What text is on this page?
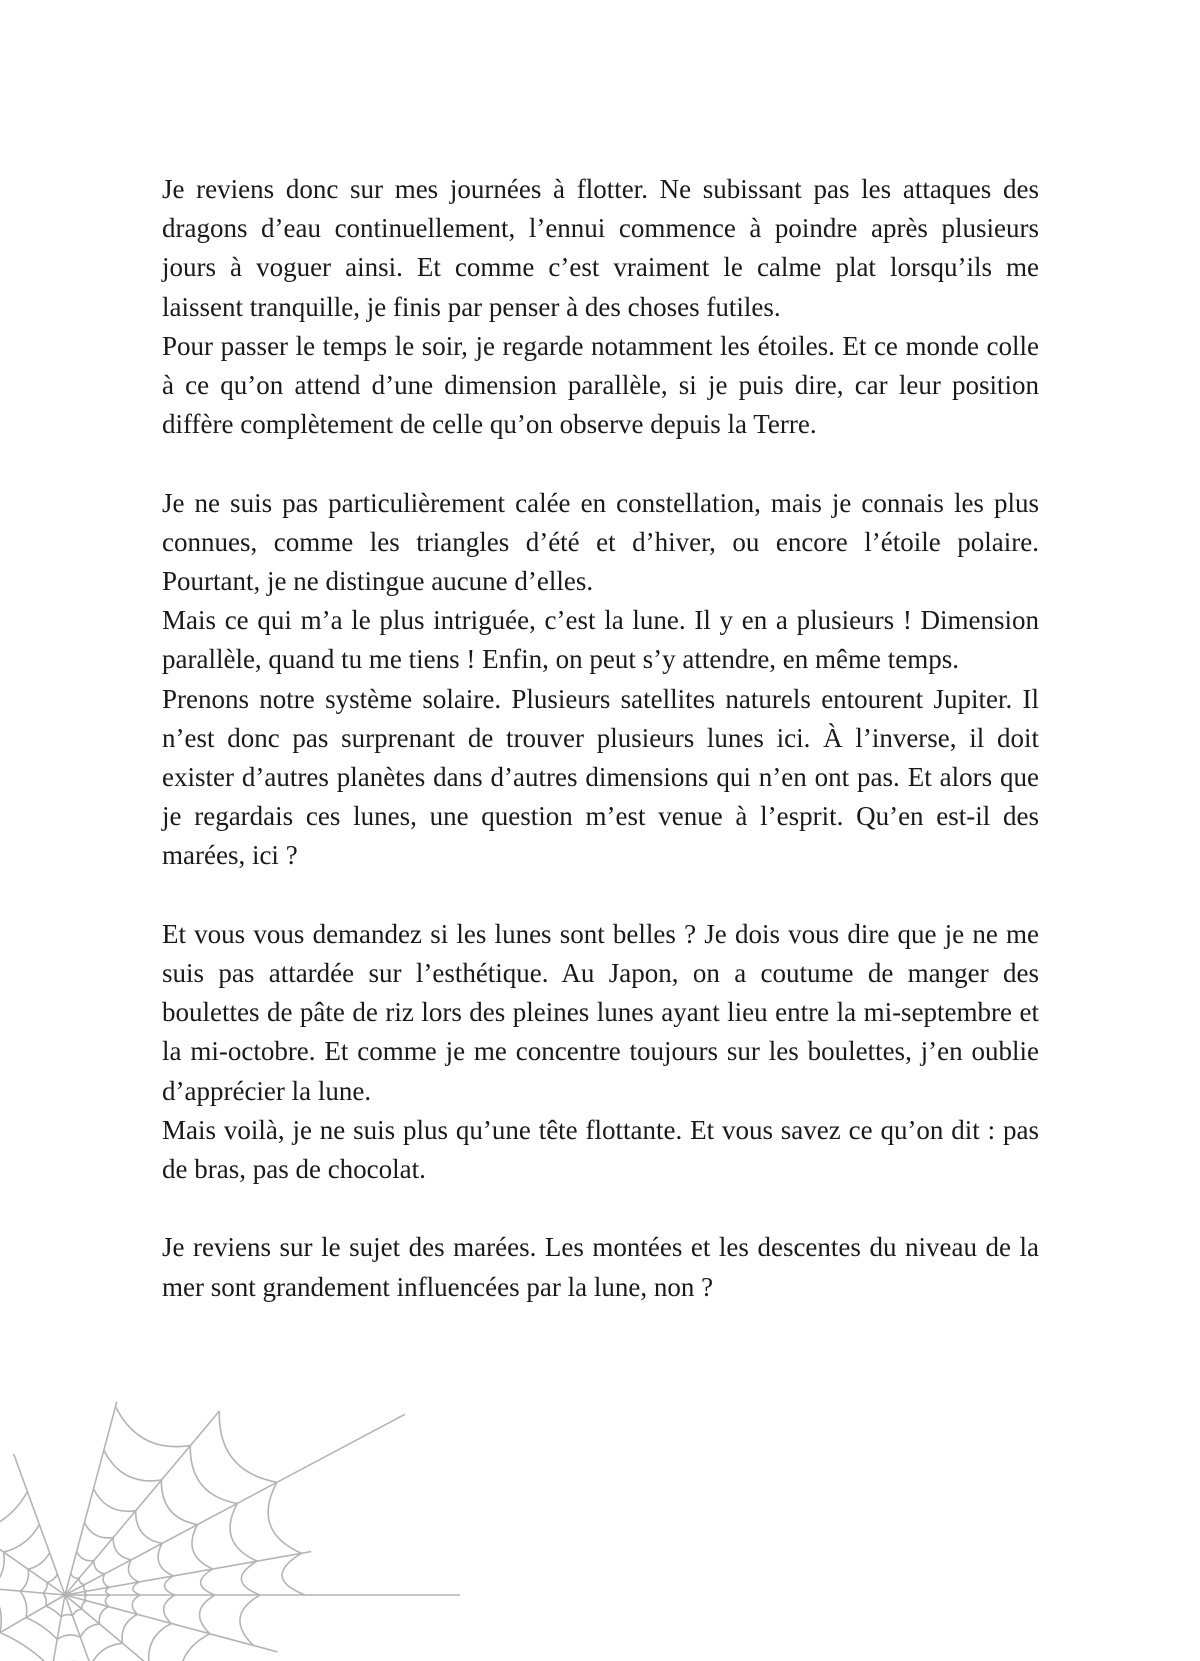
Je reviens donc sur mes journées à flotter. Ne subissant pas les attaques des dragons d’eau continuellement, l’ennui commence à poindre après plusieurs jours à voguer ainsi. Et comme c’est vraiment le calme plat lorsqu’ils me laissent tranquille, je finis par penser à des choses futiles.

Pour passer le temps le soir, je regarde notamment les étoiles. Et ce monde colle à ce qu’on attend d’une dimension parallèle, si je puis dire, car leur position diffère complètement de celle qu’on observe depuis la Terre.

Je ne suis pas particulièrement calée en constellation, mais je connais les plus connues, comme les triangles d’été et d’hiver, ou encore l’étoile polaire. Pourtant, je ne distingue aucune d’elles.

Mais ce qui m’a le plus intriguée, c’est la lune. Il y en a plusieurs ! Dimension parallèle, quand tu me tiens ! Enfin, on peut s’y attendre, en même temps.

Prenons notre système solaire. Plusieurs satellites naturels entourent Jupiter. Il n’est donc pas surprenant de trouver plusieurs lunes ici. À l’inverse, il doit exister d’autres planètes dans d’autres dimensions qui n’en ont pas. Et alors que je regardais ces lunes, une question m’est venue à l’esprit. Qu’en est-il des marées, ici ?

Et vous vous demandez si les lunes sont belles ? Je dois vous dire que je ne me suis pas attardée sur l’esthétique. Au Japon, on a coutume de manger des boulettes de pâte de riz lors des pleines lunes ayant lieu entre la mi-septembre et la mi-octobre. Et comme je me concentre toujours sur les boulettes, j’en oublie d’apprécier la lune.

Mais voilà, je ne suis plus qu’une tête flottante. Et vous savez ce qu’on dit : pas de bras, pas de chocolat.

Je reviens sur le sujet des marées. Les montées et les descentes du niveau de la mer sont grandement influencées par la lune, non ?
